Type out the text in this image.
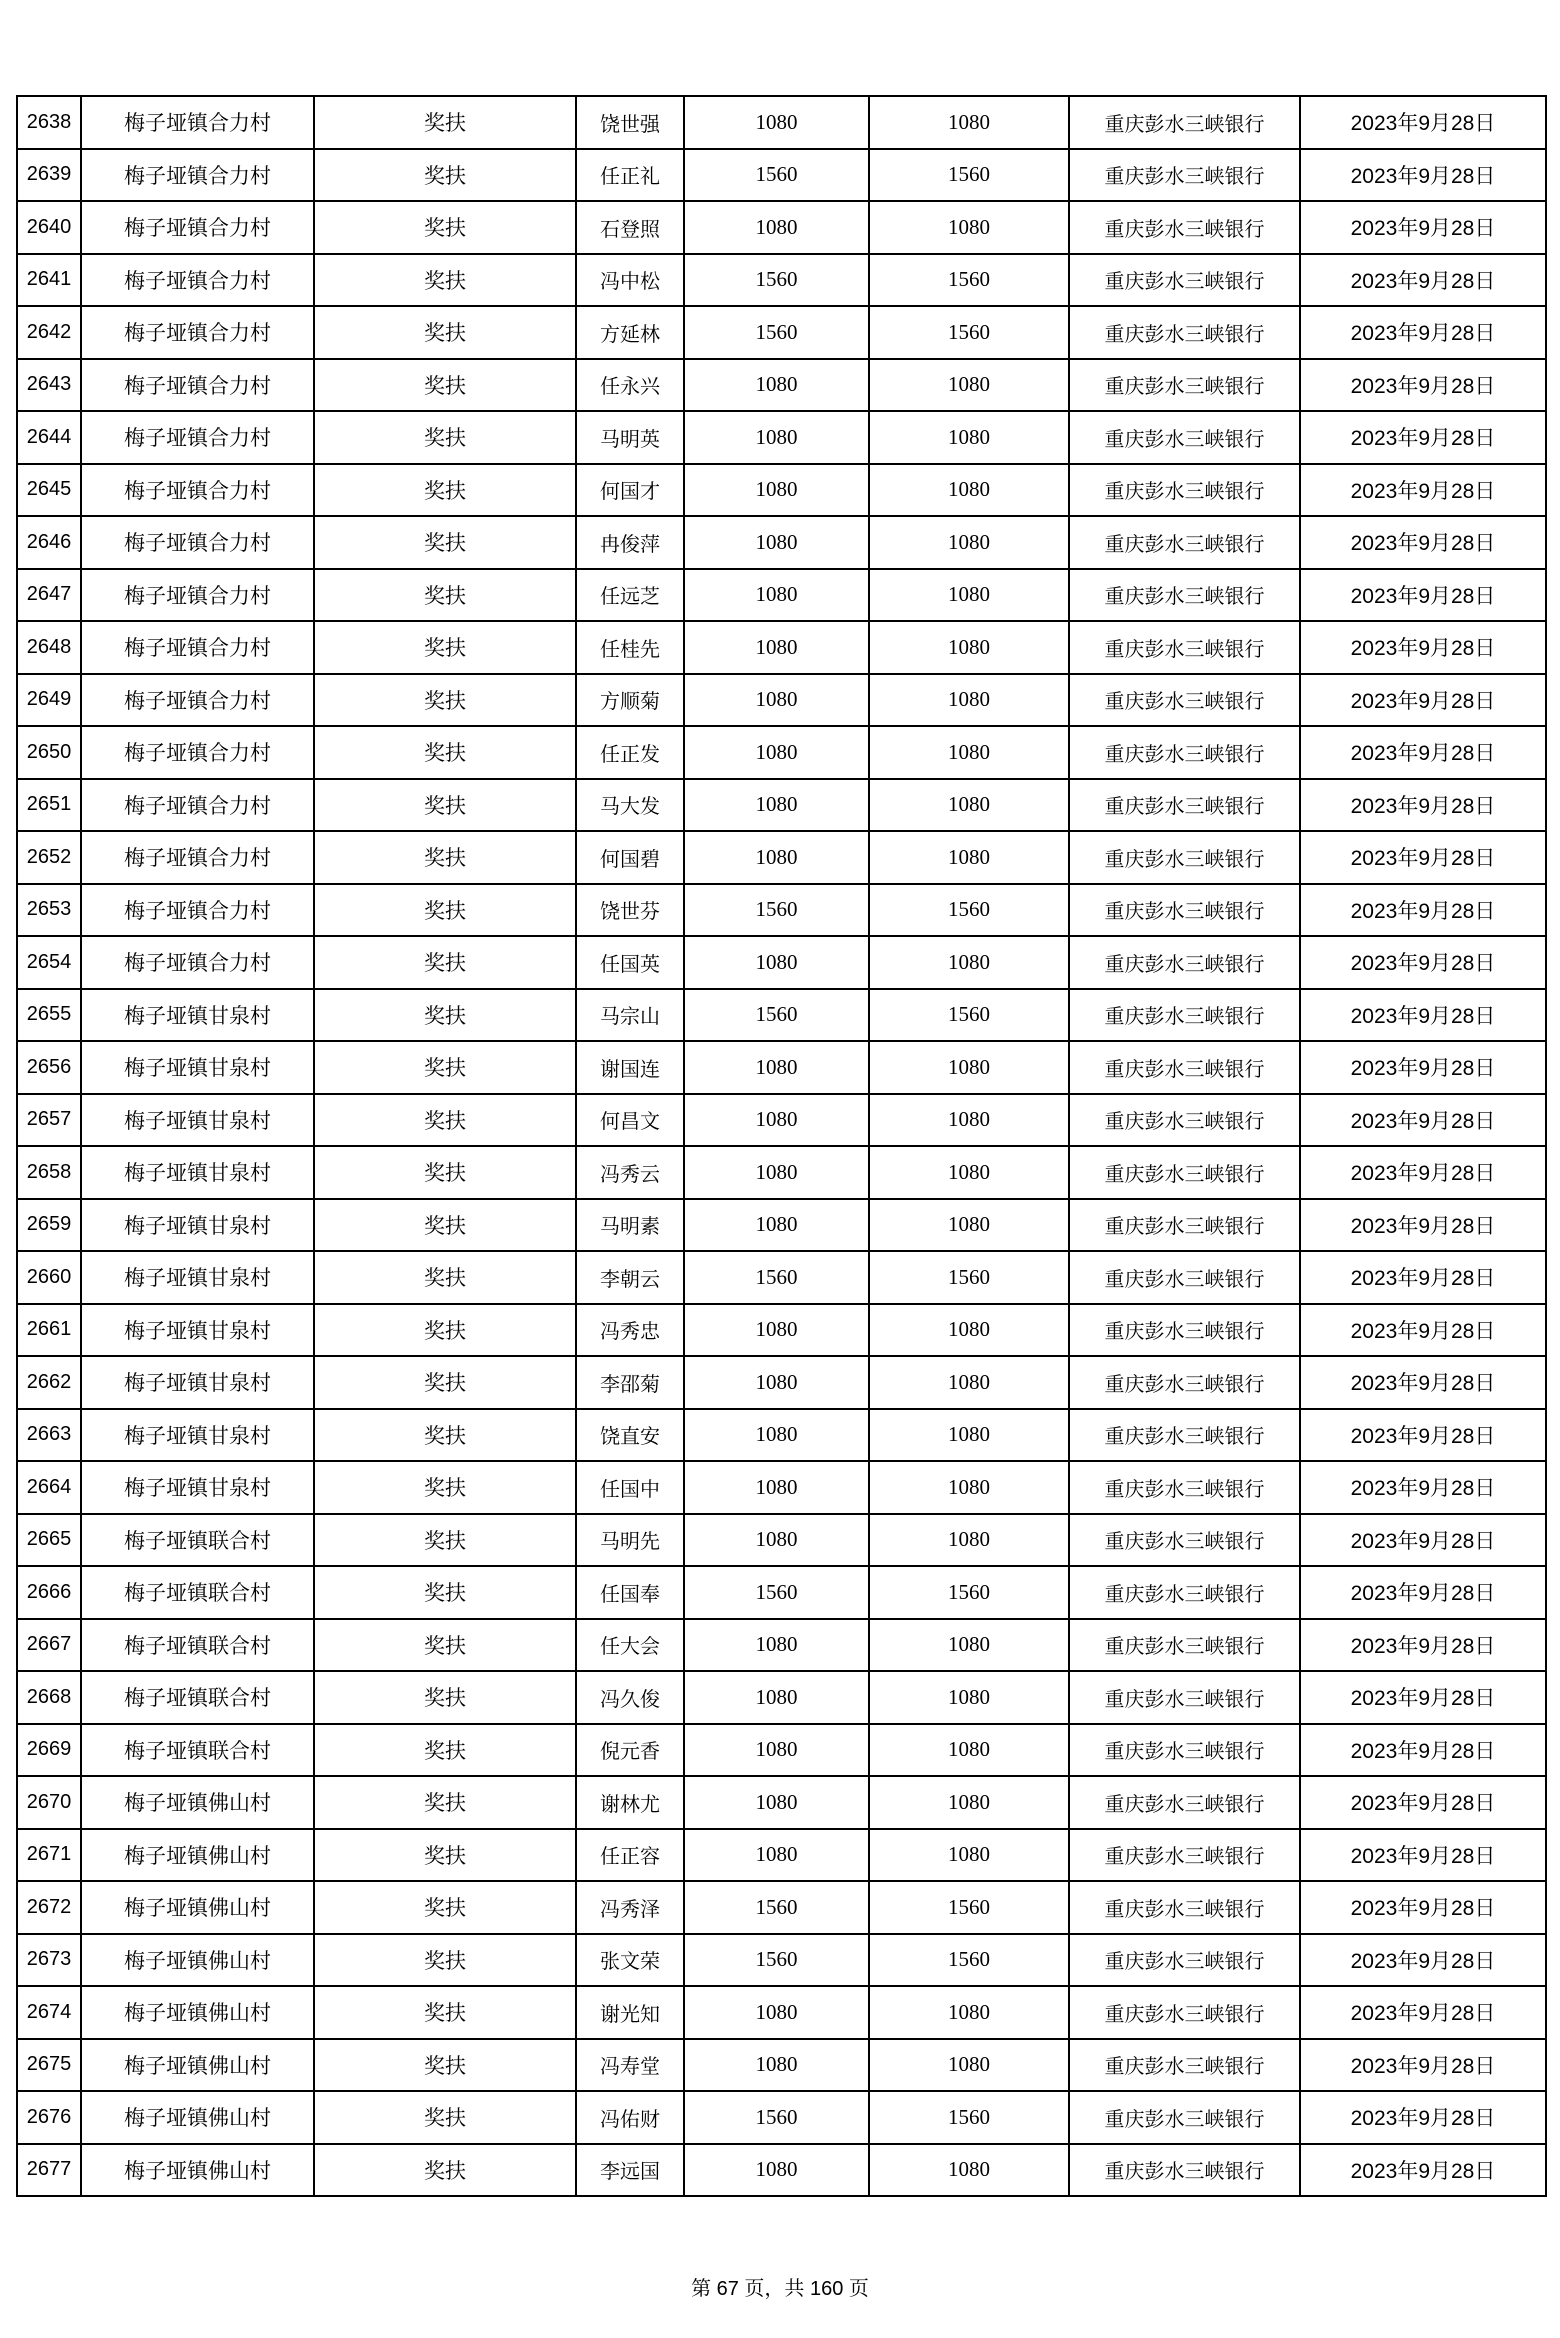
2638	梅子垭镇合力村	奖扶	饶世强	1080	1080	重庆彭水三峡银行	2023年9月28日
2639	梅子垭镇合力村	奖扶	任正礼	1560	1560	重庆彭水三峡银行	2023年9月28日
2640	梅子垭镇合力村	奖扶	石登照	1080	1080	重庆彭水三峡银行	2023年9月28日
2641	梅子垭镇合力村	奖扶	冯中松	1560	1560	重庆彭水三峡银行	2023年9月28日
2642	梅子垭镇合力村	奖扶	方延林	1560	1560	重庆彭水三峡银行	2023年9月28日
2643	梅子垭镇合力村	奖扶	任永兴	1080	1080	重庆彭水三峡银行	2023年9月28日
2644	梅子垭镇合力村	奖扶	马明英	1080	1080	重庆彭水三峡银行	2023年9月28日
2645	梅子垭镇合力村	奖扶	何国才	1080	1080	重庆彭水三峡银行	2023年9月28日
2646	梅子垭镇合力村	奖扶	冉俊萍	1080	1080	重庆彭水三峡银行	2023年9月28日
2647	梅子垭镇合力村	奖扶	任远芝	1080	1080	重庆彭水三峡银行	2023年9月28日
2648	梅子垭镇合力村	奖扶	任桂先	1080	1080	重庆彭水三峡银行	2023年9月28日
2649	梅子垭镇合力村	奖扶	方顺菊	1080	1080	重庆彭水三峡银行	2023年9月28日
2650	梅子垭镇合力村	奖扶	任正发	1080	1080	重庆彭水三峡银行	2023年9月28日
2651	梅子垭镇合力村	奖扶	马大发	1080	1080	重庆彭水三峡银行	2023年9月28日
2652	梅子垭镇合力村	奖扶	何国碧	1080	1080	重庆彭水三峡银行	2023年9月28日
2653	梅子垭镇合力村	奖扶	饶世芬	1560	1560	重庆彭水三峡银行	2023年9月28日
2654	梅子垭镇合力村	奖扶	任国英	1080	1080	重庆彭水三峡银行	2023年9月28日
2655	梅子垭镇甘泉村	奖扶	马宗山	1560	1560	重庆彭水三峡银行	2023年9月28日
2656	梅子垭镇甘泉村	奖扶	谢国连	1080	1080	重庆彭水三峡银行	2023年9月28日
2657	梅子垭镇甘泉村	奖扶	何昌文	1080	1080	重庆彭水三峡银行	2023年9月28日
2658	梅子垭镇甘泉村	奖扶	冯秀云	1080	1080	重庆彭水三峡银行	2023年9月28日
2659	梅子垭镇甘泉村	奖扶	马明素	1080	1080	重庆彭水三峡银行	2023年9月28日
2660	梅子垭镇甘泉村	奖扶	李朝云	1560	1560	重庆彭水三峡银行	2023年9月28日
2661	梅子垭镇甘泉村	奖扶	冯秀忠	1080	1080	重庆彭水三峡银行	2023年9月28日
2662	梅子垭镇甘泉村	奖扶	李邵菊	1080	1080	重庆彭水三峡银行	2023年9月28日
2663	梅子垭镇甘泉村	奖扶	饶直安	1080	1080	重庆彭水三峡银行	2023年9月28日
2664	梅子垭镇甘泉村	奖扶	任国中	1080	1080	重庆彭水三峡银行	2023年9月28日
2665	梅子垭镇联合村	奖扶	马明先	1080	1080	重庆彭水三峡银行	2023年9月28日
2666	梅子垭镇联合村	奖扶	任国奉	1560	1560	重庆彭水三峡银行	2023年9月28日
2667	梅子垭镇联合村	奖扶	任大会	1080	1080	重庆彭水三峡银行	2023年9月28日
2668	梅子垭镇联合村	奖扶	冯久俊	1080	1080	重庆彭水三峡银行	2023年9月28日
2669	梅子垭镇联合村	奖扶	倪元香	1080	1080	重庆彭水三峡银行	2023年9月28日
2670	梅子垭镇佛山村	奖扶	谢林尤	1080	1080	重庆彭水三峡银行	2023年9月28日
2671	梅子垭镇佛山村	奖扶	任正容	1080	1080	重庆彭水三峡银行	2023年9月28日
2672	梅子垭镇佛山村	奖扶	冯秀泽	1560	1560	重庆彭水三峡银行	2023年9月28日
2673	梅子垭镇佛山村	奖扶	张文荣	1560	1560	重庆彭水三峡银行	2023年9月28日
2674	梅子垭镇佛山村	奖扶	谢光知	1080	1080	重庆彭水三峡银行	2023年9月28日
2675	梅子垭镇佛山村	奖扶	冯寿堂	1080	1080	重庆彭水三峡银行	2023年9月28日
2676	梅子垭镇佛山村	奖扶	冯佑财	1560	1560	重庆彭水三峡银行	2023年9月28日
2677	梅子垭镇佛山村	奖扶	李远国	1080	1080	重庆彭水三峡银行	2023年9月28日
第 67 页，共 160 页
